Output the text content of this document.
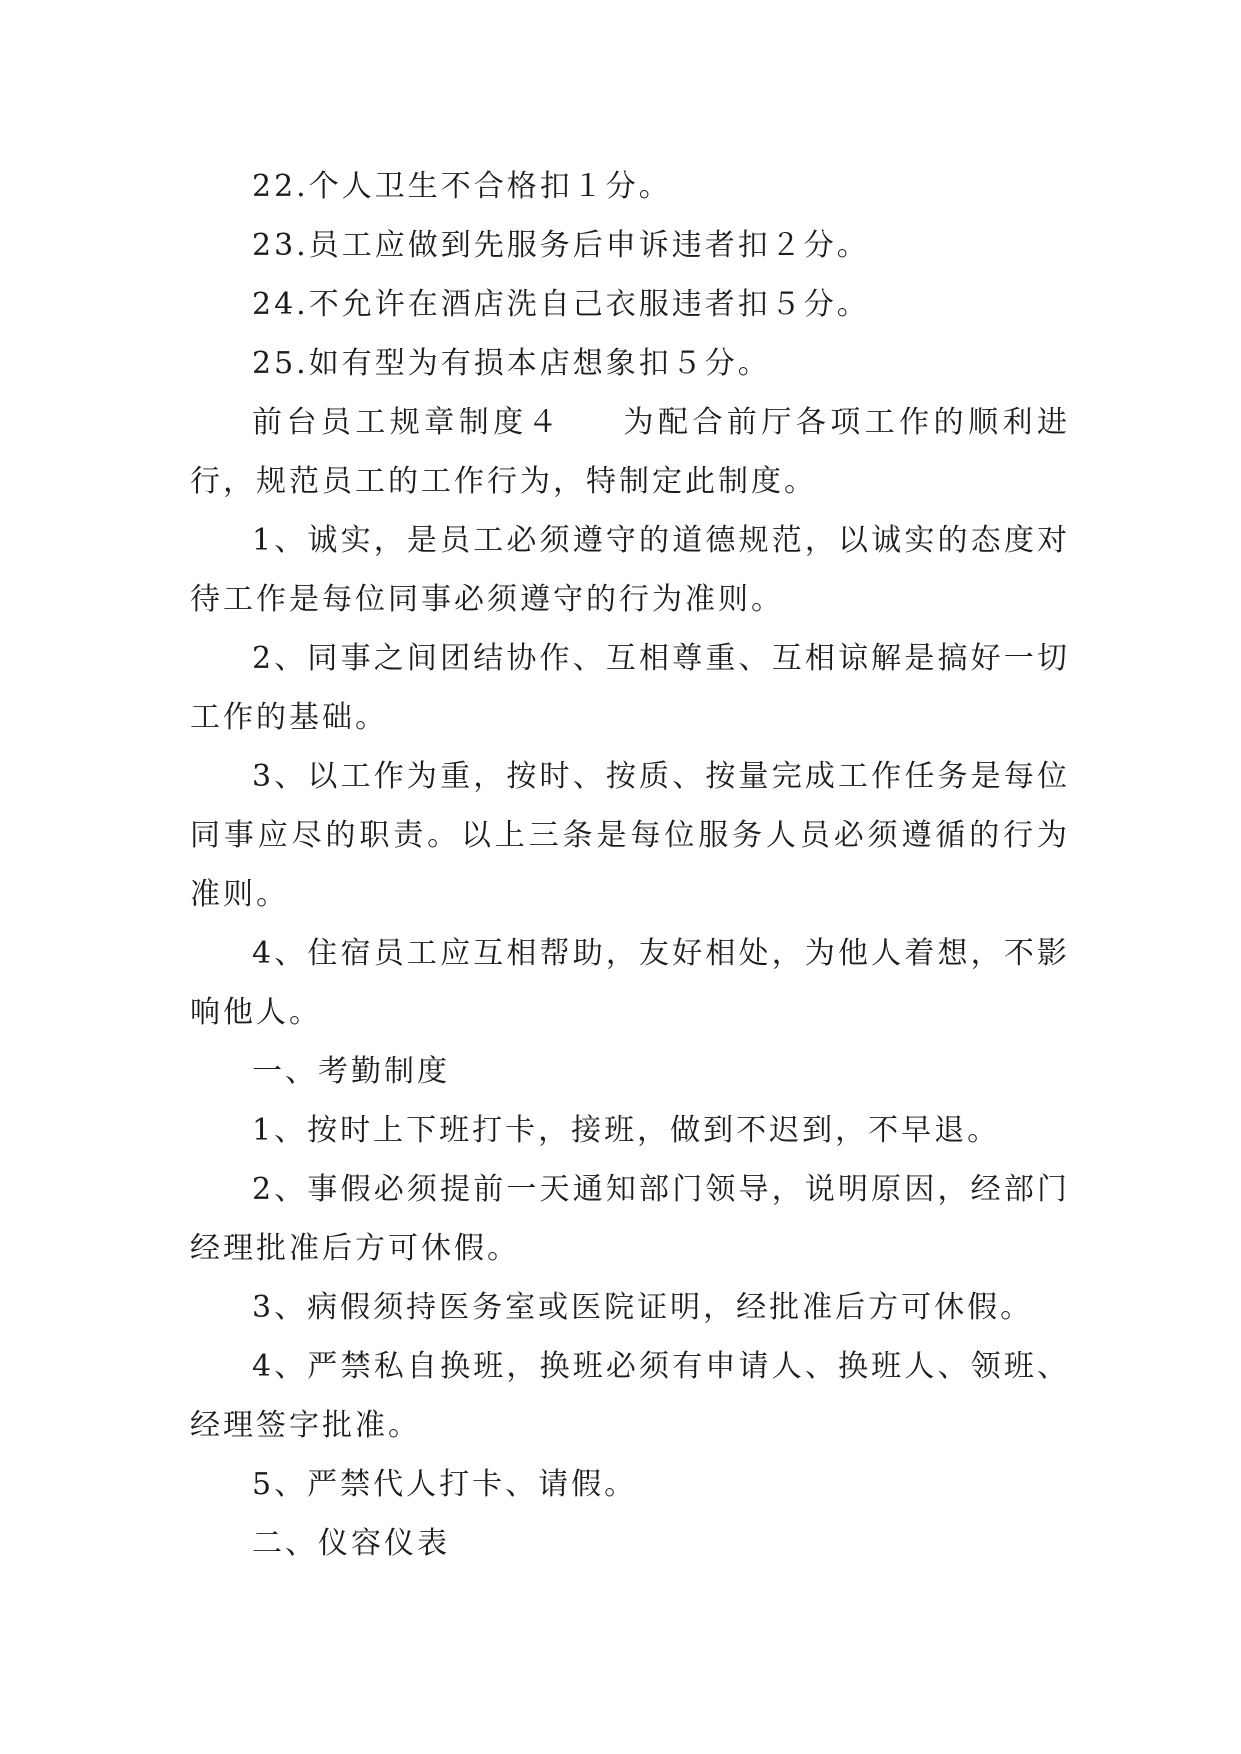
22.个人卫生不合格扣１分。

23.员工应做到先服务后申诉违者扣２分。

24.不允许在酒店洗自己衣服违者扣５分。

25.如有型为有损本店想象扣５分。

前台员工规章制度４ 为配合前厅各项工作的顺利进行，规范员工的工作行为，特制定此制度。

1、诚实，是员工必须遵守的道德规范，以诚实的态度对待工作是每位同事必须遵守的行为准则。

2、同事之间团结协作、互相尊重、互相谅解是搞好一切工作的基础。

3、以工作为重，按时、按质、按量完成工作任务是每位同事应尽的职责。以上三条是每位服务人员必须遵循的行为准则。

4、住宿员工应互相帮助，友好相处，为他人着想，不影响他人。

一、考勤制度

1、按时上下班打卡，接班，做到不迟到，不早退。

2、事假必须提前一天通知部门领导，说明原因，经部门经理批准后方可休假。

3、病假须持医务室或医院证明，经批准后方可休假。

4、严禁私自换班，换班必须有申请人、换班人、领班、经理签字批准。

5、严禁代人打卡、请假。

二、仪容仪表
